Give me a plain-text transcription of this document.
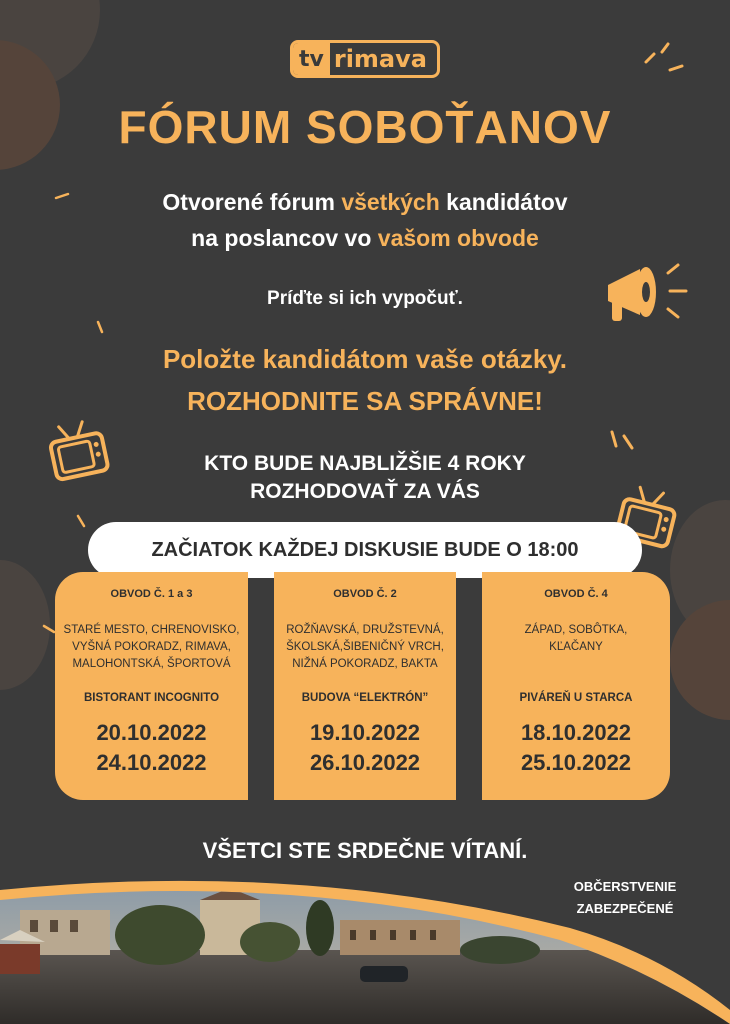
tv rimava
FÓRUM SOBOŤANOV
Otvorené fórum všetkých kandidátov
na poslancov vo vašom obvode
Príďte si ich vypočuť.
Položte kandidátom vaše otázky.
ROZHODNITE SA SPRÁVNE!
KTO BUDE NAJBLIŽŠIE 4 ROKY
ROZHODOVAŤ ZA VÁS
ZAČIATOK KAŽDEJ DISKUSIE BUDE O 18:00
OBVOD Č. 1 a 3
STARÉ MESTO, CHRENOVISKO,
VYŠNÁ POKORADZ, RIMAVA,
MALOHONTSKÁ, ŠPORTOVÁ
BISTORANT INCOGNITO
20.10.2022
24.10.2022
OBVOD Č. 2
ROŽŇAVSKÁ, DRUŽSTEVNÁ,
ŠKOLSKÁ,ŠIBENIČNÝ VRCH,
NIŽNÁ POKORADZ, BAKTA
BUDOVA “ELEKTRÓN”
19.10.2022
26.10.2022
OBVOD Č. 4
ZÁPAD, SOBÔTKA,
KĽAČANY
PIVÁREŇ U STARCA
18.10.2022
25.10.2022
VŠETCI STE SRDEČNE VÍTANÍ.
OBČERSTVENIE
ZABEZPEČENÉ
